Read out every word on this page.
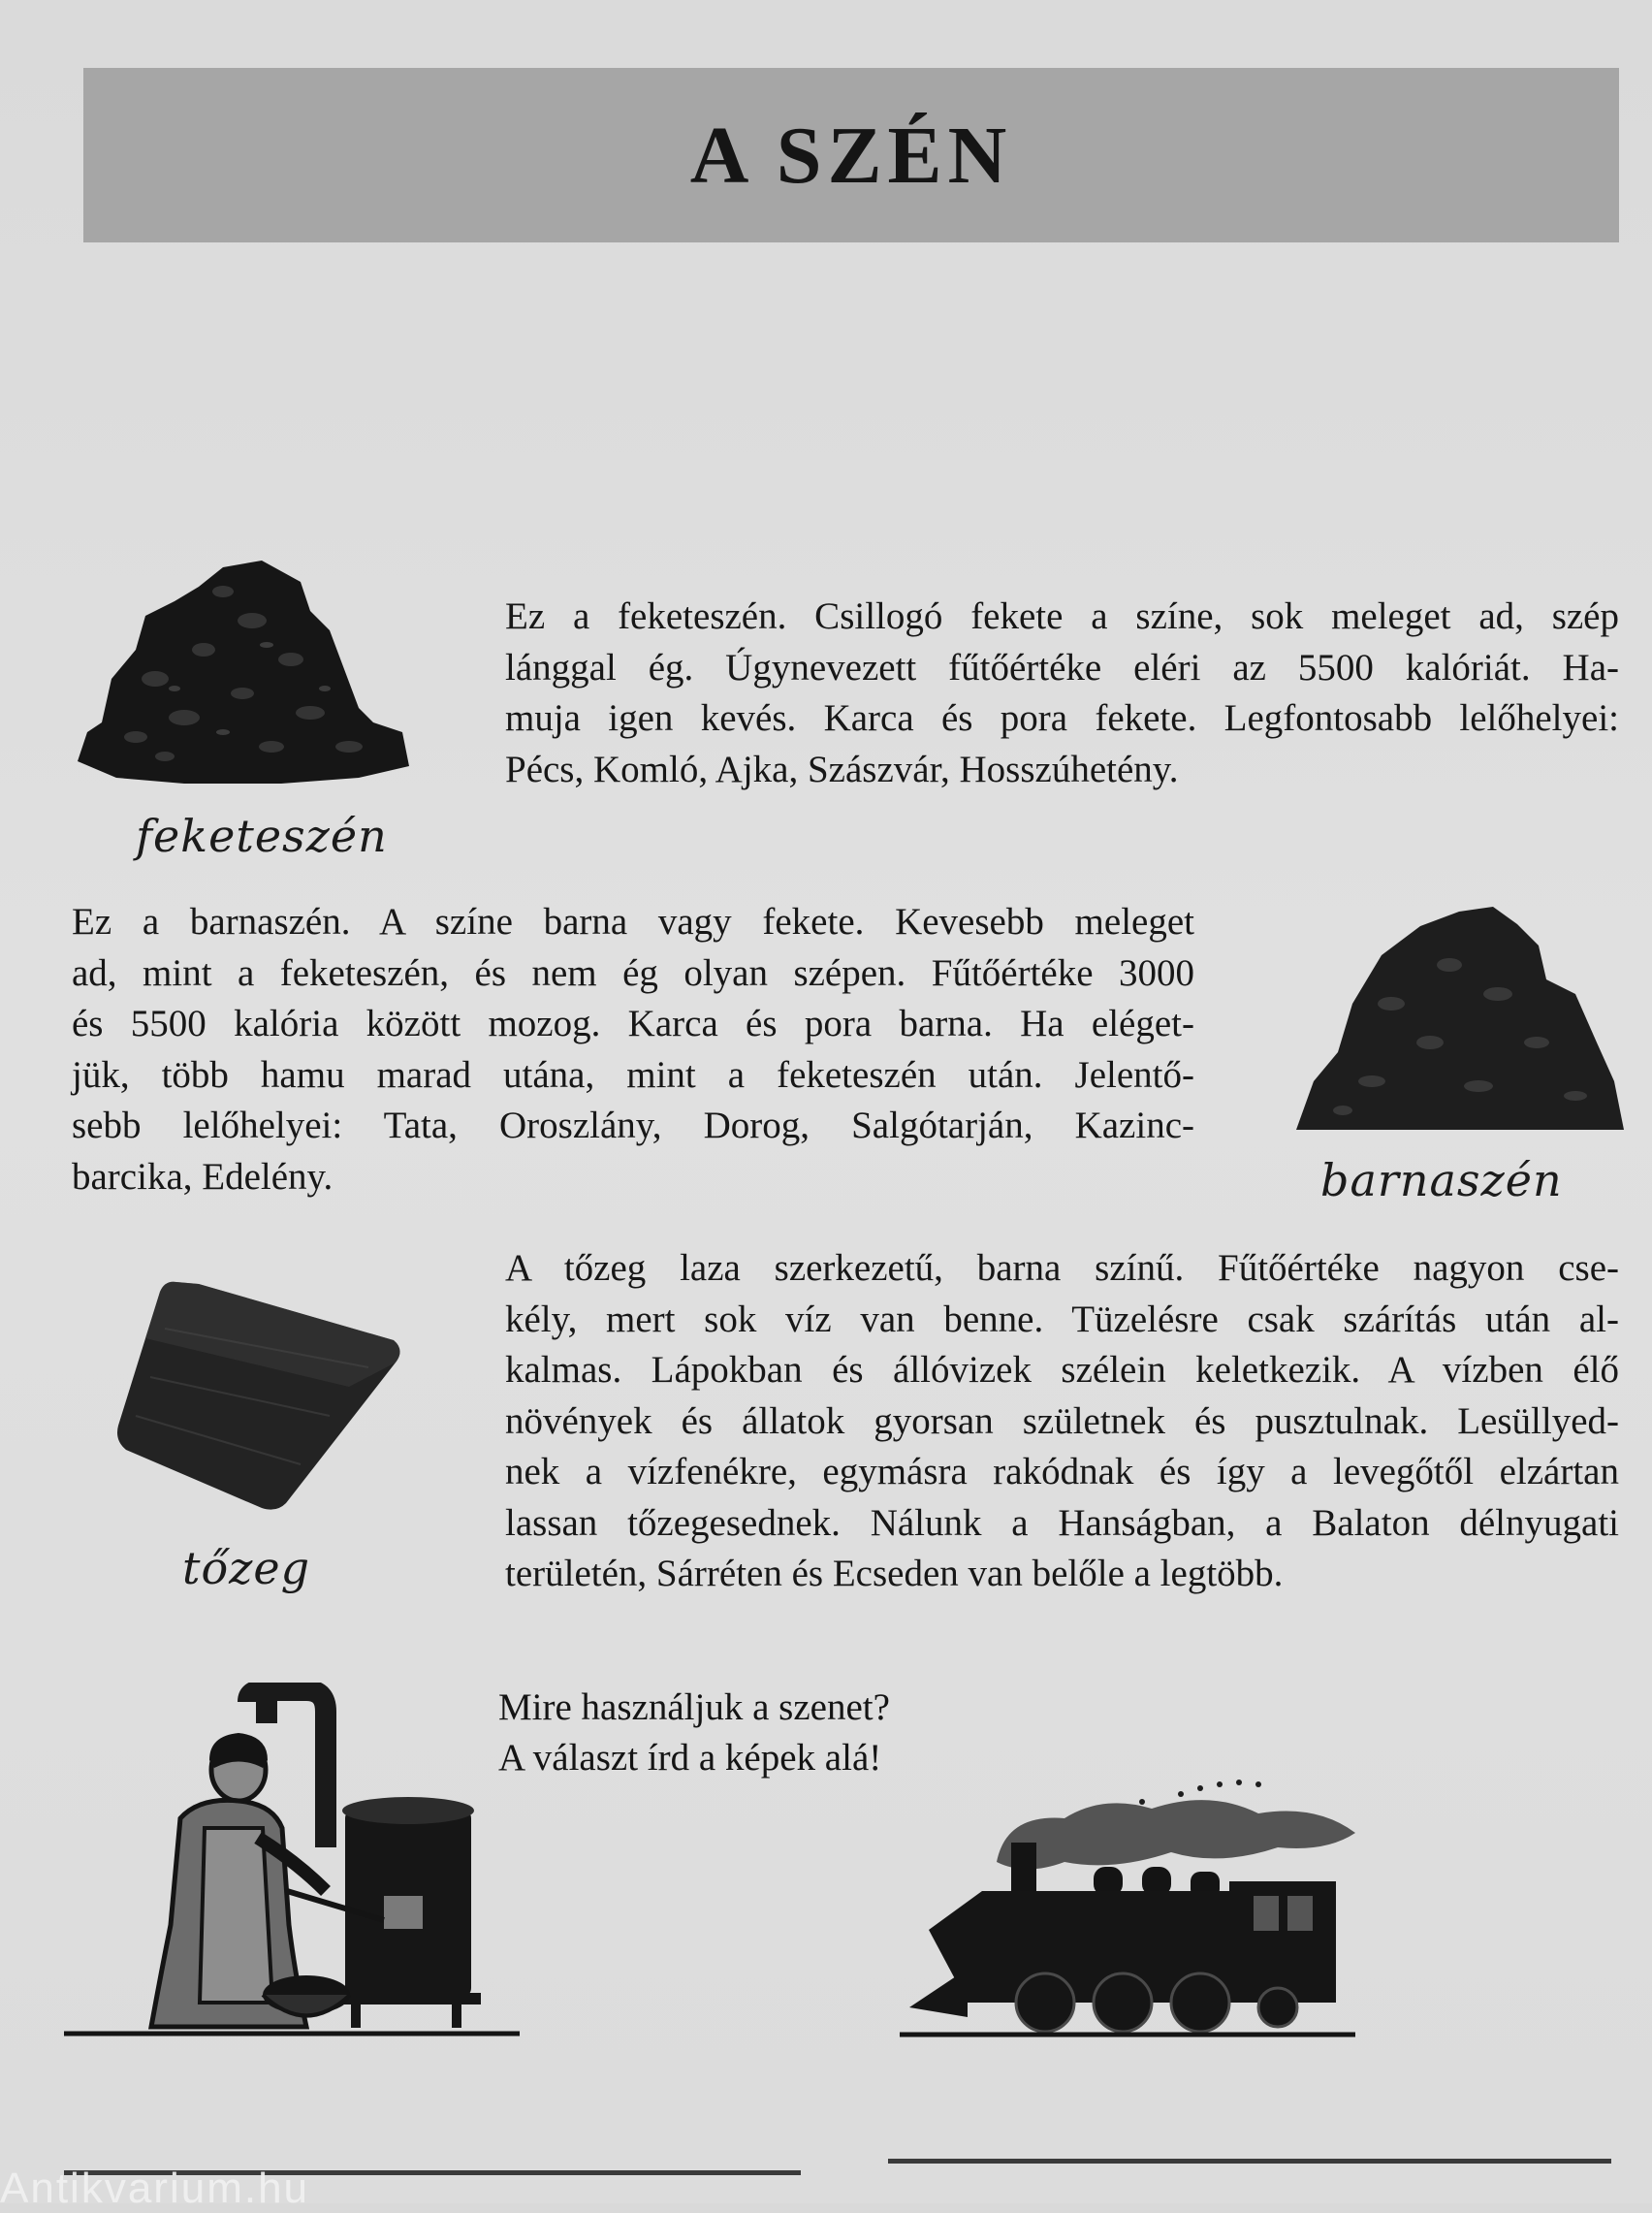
A SZÉN
feketeszén

Ez a feketeszén. Csillogó fekete a színe, sok meleget ad, szép
lánggal ég. Úgynevezett fűtőértéke eléri az 5500 kalóriát. Ha-
muja igen kevés. Karca és pora fekete. Legfontosabb lelőhelyei:
Pécs, Komló, Ajka, Szászvár, Hosszúhetény.

Ez a barnaszén. A színe barna vagy fekete. Kevesebb meleget
ad, mint a feketeszén, és nem ég olyan szépen. Fűtőértéke 3000
és 5500 kalória között mozog. Karca és pora barna. Ha eléget-
jük, több hamu marad utána, mint a feketeszén után. Jelentő-
sebb lelőhelyei: Tata, Oroszlány, Dorog, Salgótarján, Kazinc-
barcika, Edelény.	barnaszén
tőzeg

A tőzeg laza szerkezetű, barna színű. Fűtőértéke nagyon cse-
kély, mert sok víz van benne. Tüzelésre csak szárítás után al-
kalmas. Lápokban és állóvizek szélein keletkezik. A vízben élő
növények és állatok gyorsan születnek és pusztulnak. Lesüllyed-
nek a vízfenékre, egymásra rakódnak és így a levegőtől elzártan
lassan tőzegesednek. Nálunk a Hanságban, a Balaton délnyugati
területén, Sárréten és Ecseden van belőle a legtöbb.

Mire használjuk a szenet?
A választ írd a képek alá!

Antikvarium.hu
